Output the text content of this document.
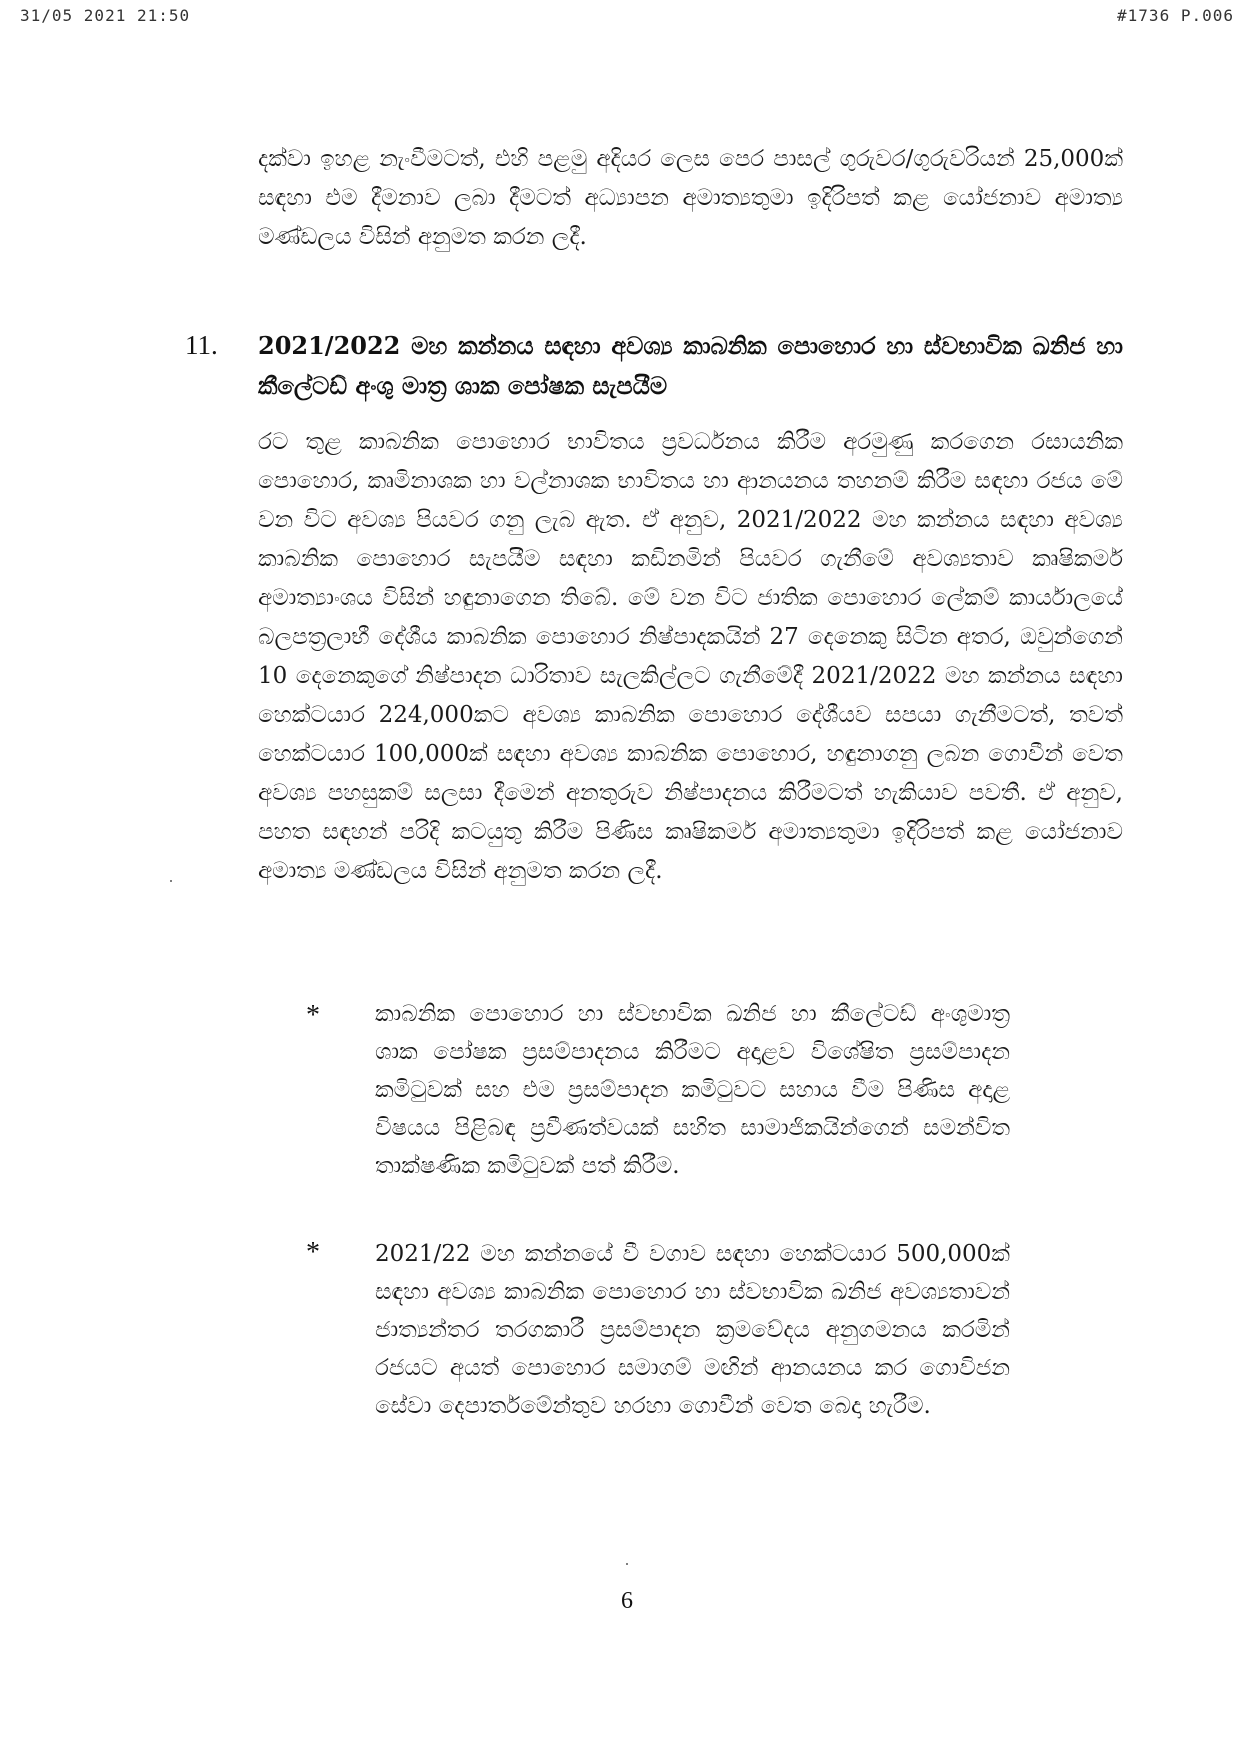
31/05 2021 21:50	#1736 P.006
දක්වා ඉහළ නැංවීමටත්, එහි පළමු අදියර ලෙස පෙර පාසල් ගුරුවර/ගුරුවරියන් 25,000ක් සඳහා එම දීමනාව ලබා දීමටත් අධ්‍යාපන අමාත්‍යතුමා ඉදිරිපත් කළ යෝජනාව අමාත්‍ය මණ්ඩලය විසින් අනුමත කරන ලදී.
11. 2021/2022 මහ කන්නය සඳහා අවශ්‍ය කාබනික පොහොර හා ස්වභාවික ඛනිජ හා කීලේටඩ් අංශු මාත්‍ර ශාක පෝෂක සැපයීම
රට තුළ කාබනික පොහොර භාවිතය ප්‍රවර්ධනය කිරීම අරමුණු කරගෙන රසායනික පොහොර, කෘමිනාශක හා වල්නාශක භාවිතය හා ආනයනය තහනම් කිරීම සඳහා රජය මේ වන විට අවශ්‍ය පියවර ගනු ලැබ ඇත. ඒ අනුව, 2021/2022 මහ කන්නය සඳහා අවශ්‍ය කාබනික පොහොර සැපයීම සඳහා කඩිනමින් පියවර ගැනීමේ අවශ්‍යතාව කෘෂිකර්ම අමාත්‍යාංශය විසින් හඳුනාගෙන තිබේ. මේ වන විට ජාතික පොහොර ලේකම් කාර්යාලයේ බලපත්‍රලාභී දේශීය කාබනික පොහොර නිෂ්පාදකයින් 27 දෙනෙකු සිටින අතර, ඔවුන්ගෙන් 10 දෙනෙකුගේ නිෂ්පාදන ධාරිතාව සැලකිල්ලට ගැනීමේදී 2021/2022 මහ කන්නය සඳහා හෙක්ටයාර 224,000කට අවශ්‍ය කාබනික පොහොර දේශීයව සපයා ගැනීමටත්, තවත් හෙක්ටයාර 100,000ක් සඳහා අවශ්‍ය කාබනික පොහොර, හඳුනාගනු ලබන ගොවීන් වෙත අවශ්‍ය පහසුකම් සලසා දීමෙන් අනතුරුව නිෂ්පාදනය කිරීමටත් හැකියාව පවතී. ඒ අනුව, පහත සඳහන් පරිදි කටයුතු කිරීම පිණිස කෘෂිකර්ම අමාත්‍යතුමා ඉදිරිපත් කළ යෝජනාව අමාත්‍ය මණ්ඩලය විසින් අනුමත කරන ලදී.
* කාබනික පොහොර හා ස්වභාවික ඛනිජ හා කීලේටඩ් අංශුමාත්‍ර ශාක පෝෂක ප්‍රසම්පාදනය කිරීමට අදාළව විශේෂිත ප්‍රසම්පාදන කමිටුවක් සහ එම ප්‍රසම්පාදන කමිටුවට සහාය වීම පිණිස අදාළ විෂයය පිළිබඳ ප්‍රවීණත්වයක් සහිත සාමාජිකයින්ගෙන් සමන්විත තාක්ෂණික කමිටුවක් පත් කිරීම.
* 2021/22 මහ කන්නයේ වී වගාව සඳහා හෙක්ටයාර 500,000ක් සඳහා අවශ්‍ය කාබනික පොහොර හා ස්වභාවික ඛනිජ අවශ්‍යතාවන් ජාත්‍යන්තර තරගකාරී ප්‍රසම්පාදන ක්‍රමවේදය අනුගමනය කරමින් රජයට අයත් පොහොර සමාගම් මඟින් ආනයනය කර ගොවිජන සේවා දෙපාර්තමේන්තුව හරහා ගොවීන් වෙත බෙදා හැරීම.
6
